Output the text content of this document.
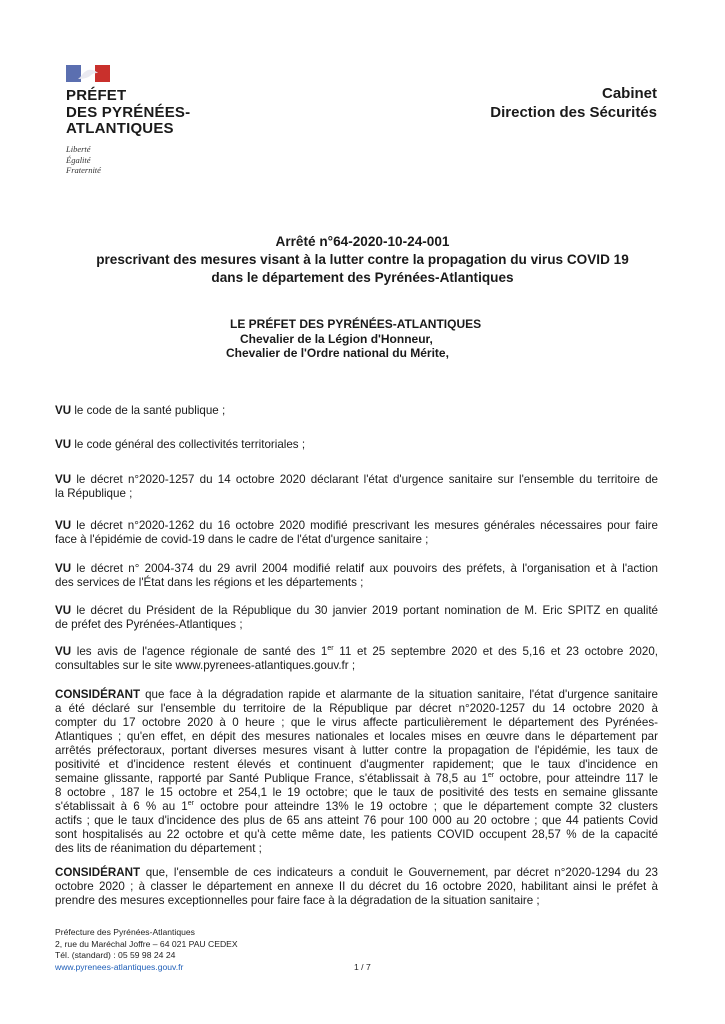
PRÉFET
DES PYRÉNÉES-
ATLANTIQUES
Liberté
Égalité
Fraternité
Cabinet
Direction des Sécurités
Arrêté n°64-2020-10-24-001
prescrivant des mesures visant à la lutter contre la propagation du virus COVID 19
dans le département des Pyrénées-Atlantiques
LE PRÉFET DES PYRÉNÉES-ATLANTIQUES
Chevalier de la Légion d'Honneur,
Chevalier de l'Ordre national du Mérite,
VU le code de la santé publique ;
VU le code général des collectivités territoriales ;
VU le décret n°2020-1257 du 14 octobre 2020 déclarant l'état d'urgence sanitaire sur l'ensemble du territoire de
la République ;
VU le décret n°2020-1262 du 16 octobre 2020 modifié prescrivant les mesures générales nécessaires pour faire
face à l'épidémie de covid-19 dans le cadre de l'état d'urgence sanitaire ;
VU le décret n° 2004-374 du 29 avril 2004 modifié relatif aux pouvoirs des préfets, à l'organisation et à l'action
des services de l'État dans les régions et les départements ;
VU le décret du Président de la République du 30 janvier 2019 portant nomination de M. Eric SPITZ en qualité
de préfet des Pyrénées-Atlantiques ;
VU les avis de l'agence régionale de santé des 1er 11 et 25 septembre 2020 et des 5,16 et 23 octobre 2020,
consultables sur le site www.pyrenees-atlantiques.gouv.fr ;
CONSIDÉRANT que face à la dégradation rapide et alarmante de la situation sanitaire, l'état d'urgence sanitaire
a été déclaré sur l'ensemble du territoire de la République par décret n°2020-1257 du 14 octobre 2020 à
compter du 17 octobre 2020 à 0 heure ; que le virus affecte particulièrement le département des Pyrénées-
Atlantiques ; qu'en effet, en dépit des mesures nationales et locales mises en œuvre dans le département par
arrêtés préfectoraux, portant diverses mesures visant à lutter contre la propagation de l'épidémie, les taux de
positivité et d'incidence restent élevés et continuent d'augmenter rapidement; que le taux d'incidence en
semaine glissante, rapporté par Santé Publique France, s'établissait à 78,5 au 1er octobre, pour atteindre 117 le
8 octobre , 187 le 15 octobre et 254,1 le 19 octobre; que le taux de positivité des tests en semaine glissante
s'établissait à 6 % au 1er octobre pour atteindre 13% le 19 octobre ; que le département compte 32 clusters
actifs ; que le taux d'incidence des plus de 65 ans atteint 76 pour 100 000 au 20 octobre ; que 44 patients Covid
sont hospitalisés au 22 octobre et qu'à cette même date, les patients COVID occupent 28,57 % de la capacité
des lits de réanimation du département ;
CONSIDÉRANT que, l'ensemble de ces indicateurs a conduit le Gouvernement, par décret n°2020-1294 du 23
octobre 2020 ; à classer le département en annexe II du décret du 16 octobre 2020, habilitant ainsi le préfet à
prendre des mesures exceptionnelles pour faire face à la dégradation de la situation sanitaire ;
Préfecture des Pyrénées-Atlantiques
2, rue du Maréchal Joffre – 64 021 PAU CEDEX
Tél. (standard) : 05 59 98 24 24
www.pyrenees-atlantiques.gouv.fr	1 / 7
